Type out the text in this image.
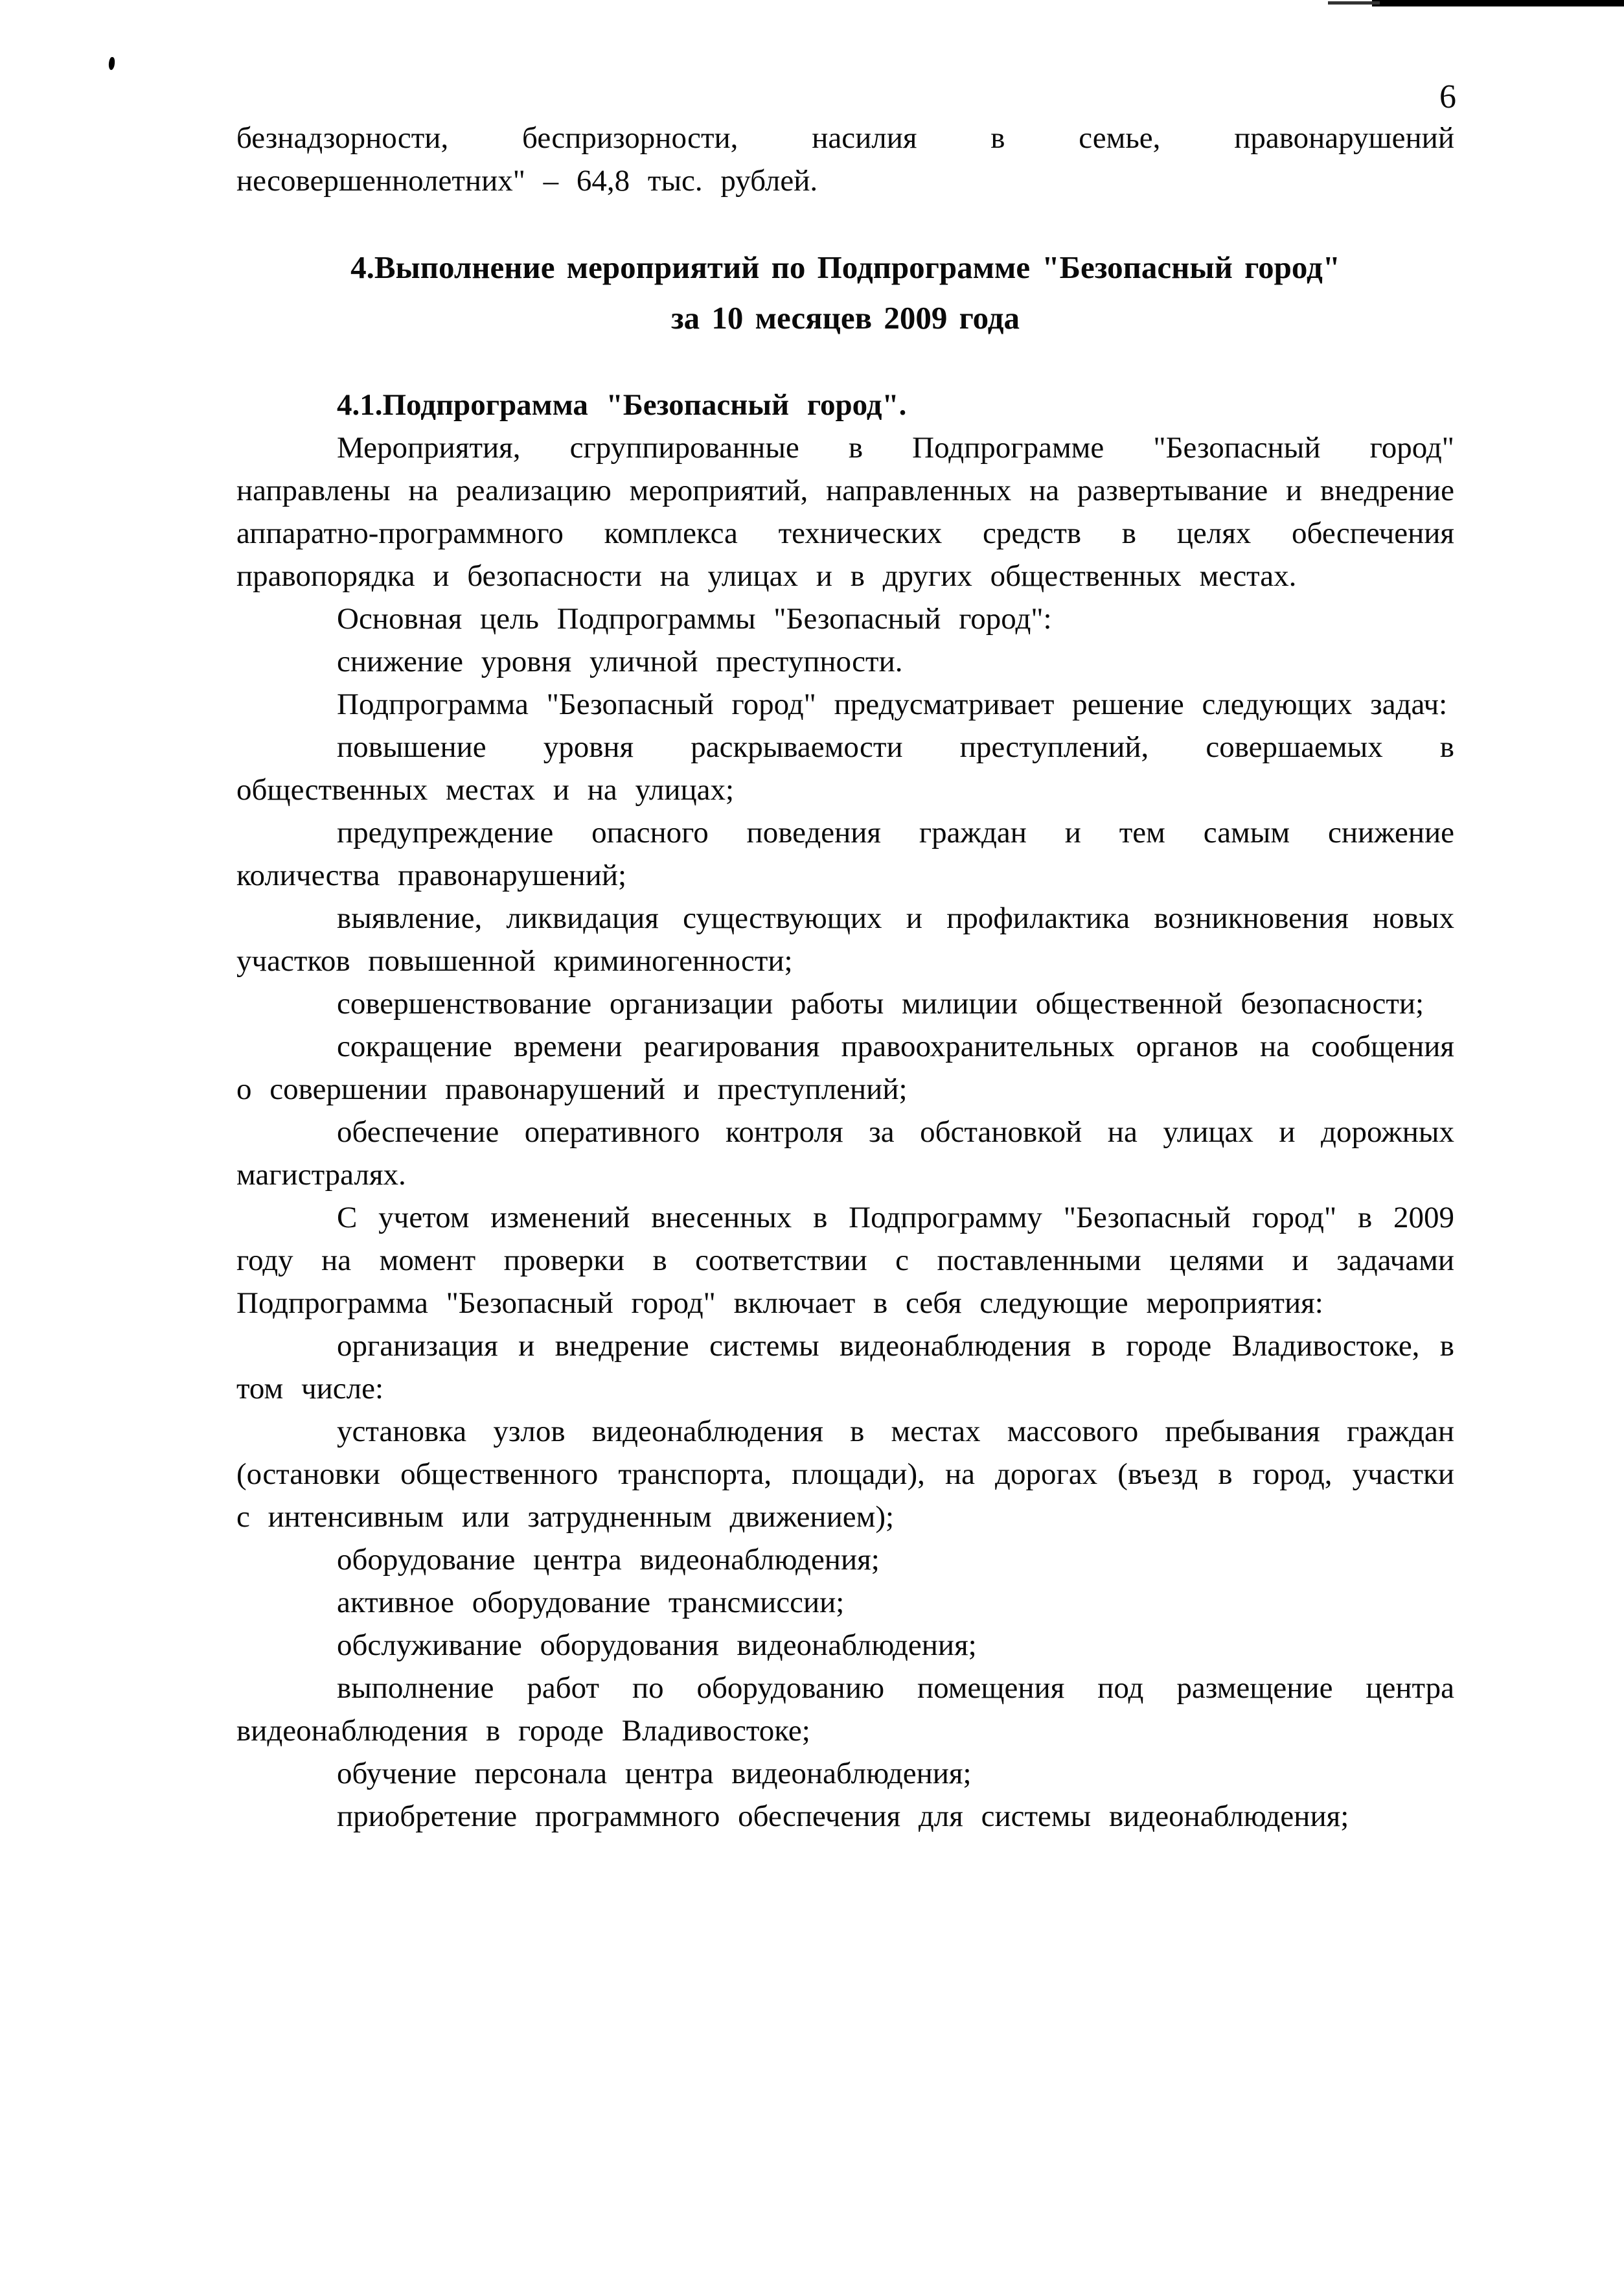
6

безнадзорности, беспризорности, насилия в семье, правонарушений несовершеннолетних" – 64,8 тыс. рублей.

4.Выполнение мероприятий по Подпрограмме "Безопасный город"
за 10 месяцев 2009 года

4.1.Подпрограмма "Безопасный город".

Мероприятия, сгруппированные в Подпрограмме "Безопасный город" направлены на реализацию мероприятий, направленных на развертывание и внедрение аппаратно-программного комплекса технических средств в целях обеспечения правопорядка и безопасности на улицах и в других общественных местах.

Основная цель Подпрограммы "Безопасный город":

снижение уровня уличной преступности.

Подпрограмма "Безопасный город" предусматривает решение следующих задач:

повышение уровня раскрываемости преступлений, совершаемых в общественных местах и на улицах;

предупреждение опасного поведения граждан и тем самым снижение количества правонарушений;

выявление, ликвидация существующих и профилактика возникновения новых участков повышенной криминогенности;

совершенствование организации работы милиции общественной безопасности;

сокращение времени реагирования правоохранительных органов на сообщения о совершении правонарушений и преступлений;

обеспечение оперативного контроля за обстановкой на улицах и дорожных магистралях.

С учетом изменений внесенных в Подпрограмму "Безопасный город" в 2009 году на момент проверки в соответствии с поставленными целями и задачами Подпрограмма "Безопасный город" включает в себя следующие мероприятия:

организация и внедрение системы видеонаблюдения в городе Владивостоке, в том числе:

установка узлов видеонаблюдения в местах массового пребывания граждан (остановки общественного транспорта, площади), на дорогах (въезд в город, участки с интенсивным или затрудненным движением);

оборудование центра видеонаблюдения;

активное оборудование трансмиссии;

обслуживание оборудования видеонаблюдения;

выполнение работ по оборудованию помещения под размещение центра видеонаблюдения в городе Владивостоке;

обучение персонала центра видеонаблюдения;

приобретение программного обеспечения для системы видеонаблюдения;
